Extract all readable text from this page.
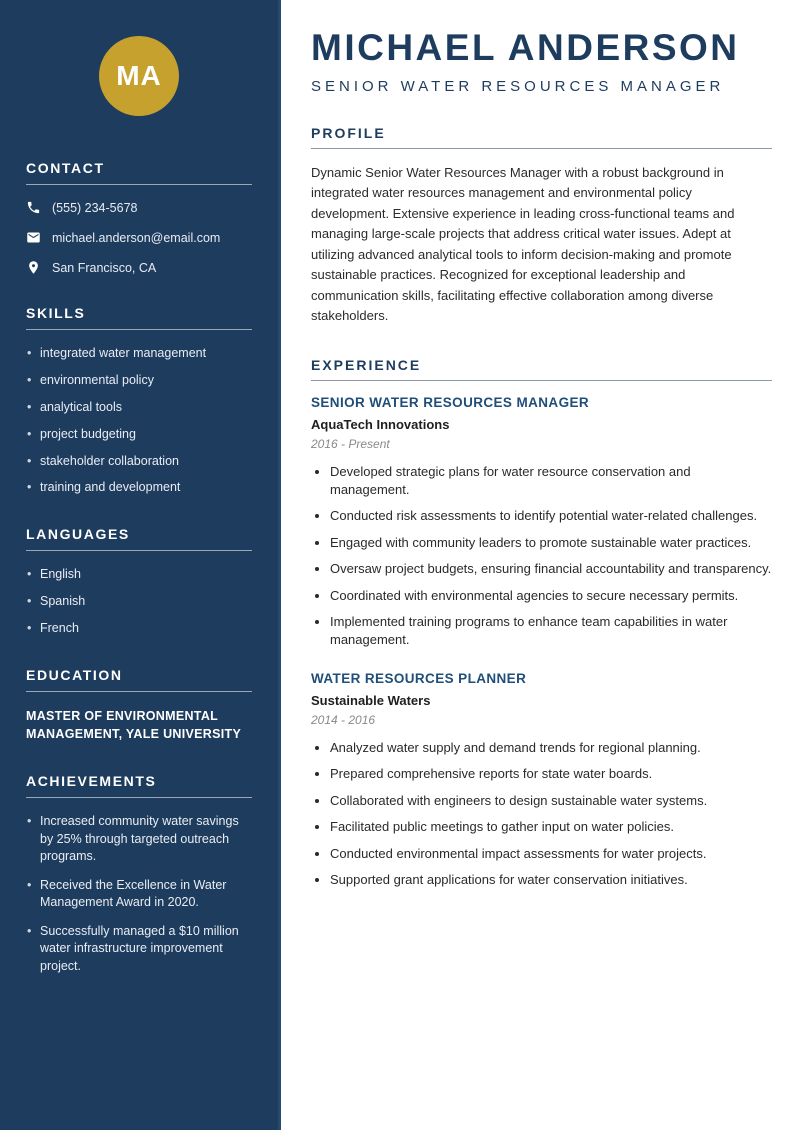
MA
CONTACT
(555) 234-5678
michael.anderson@email.com
San Francisco, CA
SKILLS
• integrated water management
• environmental policy
• analytical tools
• project budgeting
• stakeholder collaboration
• training and development
LANGUAGES
• English
• Spanish
• French
EDUCATION
MASTER OF ENVIRONMENTAL MANAGEMENT, YALE UNIVERSITY
ACHIEVEMENTS
• Increased community water savings by 25% through targeted outreach programs.
• Received the Excellence in Water Management Award in 2020.
• Successfully managed a $10 million water infrastructure improvement project.
MICHAEL ANDERSON
SENIOR WATER RESOURCES MANAGER
PROFILE

Dynamic Senior Water Resources Manager with a robust background in integrated water resources management and environmental policy development. Extensive experience in leading cross-functional teams and managing large-scale projects that address critical water issues. Adept at utilizing advanced analytical tools to inform decision-making and promote sustainable practices. Recognized for exceptional leadership and communication skills, facilitating effective collaboration among diverse stakeholders.

EXPERIENCE
SENIOR WATER RESOURCES MANAGER
AquaTech Innovations
2016 - Present
• Developed strategic plans for water resource conservation and management.
• Conducted risk assessments to identify potential water-related challenges.
• Engaged with community leaders to promote sustainable water practices.
• Oversaw project budgets, ensuring financial accountability and transparency.
• Coordinated with environmental agencies to secure necessary permits.
• Implemented training programs to enhance team capabilities in water management.
WATER RESOURCES PLANNER
Sustainable Waters
2014 - 2016
• Analyzed water supply and demand trends for regional planning.
• Prepared comprehensive reports for state water boards.
• Collaborated with engineers to design sustainable water systems.
• Facilitated public meetings to gather input on water policies.
• Conducted environmental impact assessments for water projects.
• Supported grant applications for water conservation initiatives.
